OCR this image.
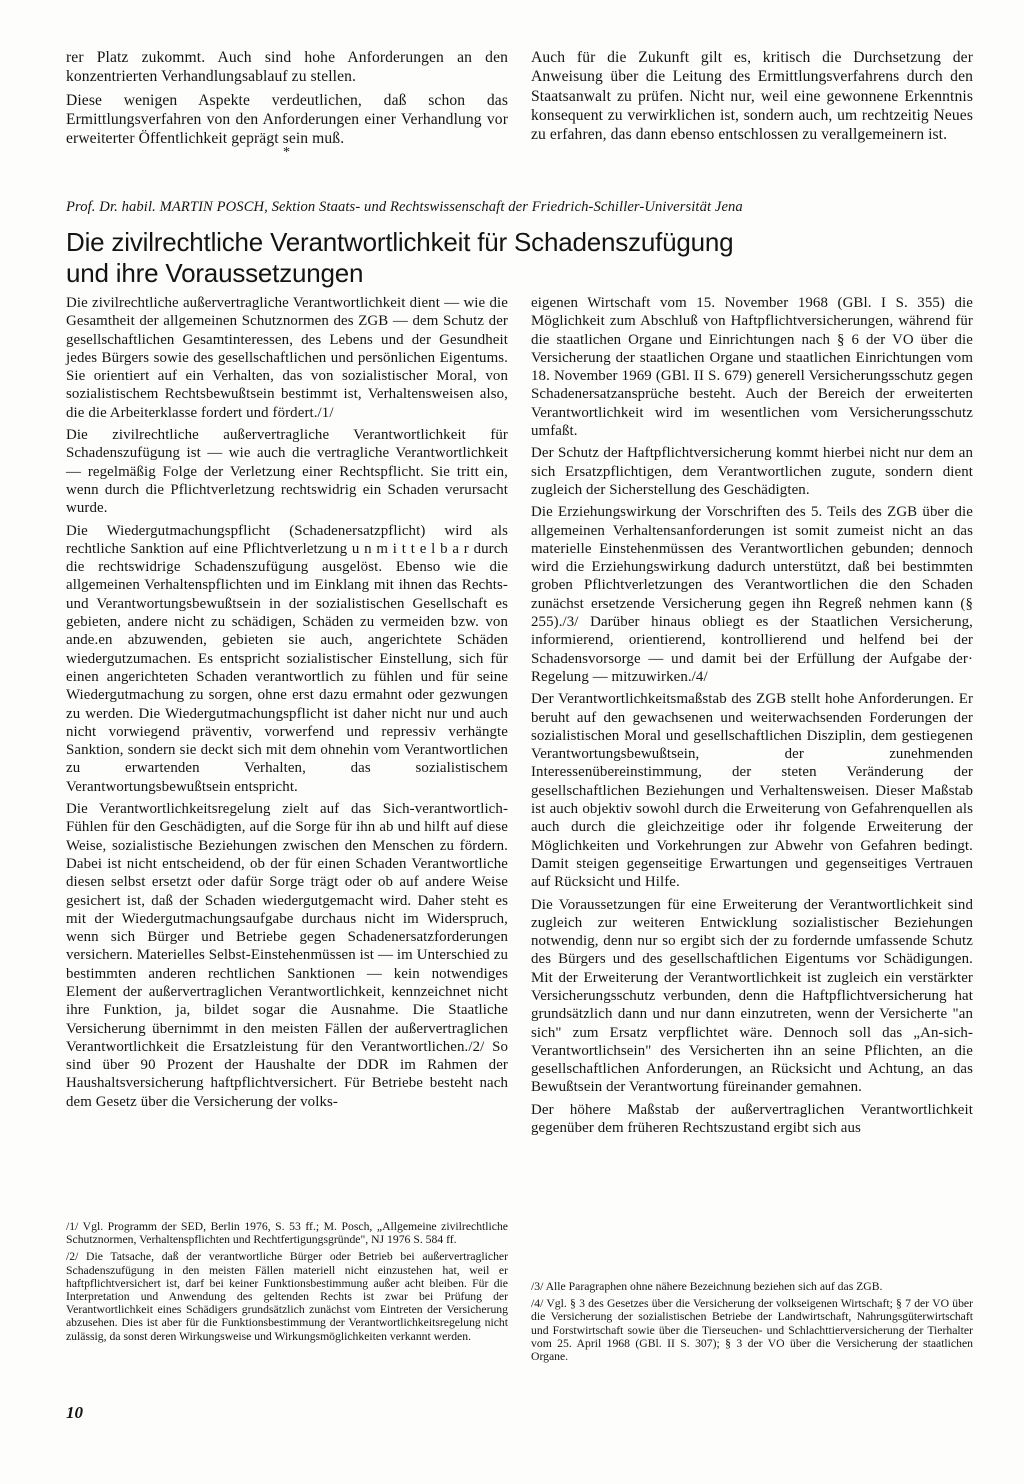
rer Platz zukommt. Auch sind hohe Anforderungen an den konzentrierten Verhandlungsablauf zu stellen.

Diese wenigen Aspekte verdeutlichen, daß schon das Ermittlungsverfahren von den Anforderungen einer Verhandlung vor erweiterter Öffentlichkeit geprägt sein muß.

*

Auch für die Zukunft gilt es, kritisch die Durchsetzung der Anweisung über die Leitung des Ermittlungsverfahrens durch den Staatsanwalt zu prüfen. Nicht nur, weil eine gewonnene Erkenntnis konsequent zu verwirklichen ist, sondern auch, um rechtzeitig Neues zu erfahren, das dann ebenso entschlossen zu verallgemeinern ist.

Prof. Dr. habil. MARTIN POSCH, Sektion Staats- und Rechtswissenschaft der Friedrich-Schiller-Universität Jena
Die zivilrechtliche Verantwortlichkeit für Schadenszufügung
und ihre Voraussetzungen

Die zivilrechtliche außervertragliche Verantwortlichkeit dient — wie die Gesamtheit der allgemeinen Schutznormen des ZGB — dem Schutz der gesellschaftlichen Gesamtinteressen, des Lebens und der Gesundheit jedes Bürgers sowie des gesellschaftlichen und persönlichen Eigentums. Sie orientiert auf ein Verhalten, das von sozialistischer Moral, von sozialistischem Rechtsbewußtsein bestimmt ist, Verhaltensweisen also, die die Arbeiterklasse fordert und fördert./1/

Die zivilrechtliche außervertragliche Verantwortlichkeit für Schadenszufügung ist — wie auch die vertragliche Verantwortlichkeit — regelmäßig Folge der Verletzung einer Rechtspflicht. Sie tritt ein, wenn durch die Pflichtverletzung rechtswidrig ein Schaden verursacht wurde.

Die Wiedergutmachungspflicht (Schadenersatzpflicht) wird als rechtliche Sanktion auf eine Pflichtverletzung u n m i t t e l b a r durch die rechtswidrige Schadenszufügung ausgelöst. Ebenso wie die allgemeinen Verhaltenspflichten und im Einklang mit ihnen das Rechts- und Verantwortungsbewußtsein in der sozialistischen Gesellschaft es gebieten, andere nicht zu schädigen, Schäden zu vermeiden bzw. von ande.en abzuwenden, gebieten sie auch, angerichtete Schäden wiedergutzumachen. Es entspricht sozialistischer Einstellung, sich für einen angerichteten Schaden verantwortlich zu fühlen und für seine Wiedergutmachung zu sorgen, ohne erst dazu ermahnt oder gezwungen zu werden. Die Wiedergutmachungspflicht ist daher nicht nur und auch nicht vorwiegend präventiv, vorwerfend und repressiv verhängte Sanktion, sondern sie deckt sich mit dem ohnehin vom Verantwortlichen zu erwartenden Verhalten, das sozialistischem Verantwortungsbewußtsein entspricht.

Die Verantwortlichkeitsregelung zielt auf das Sich-verantwortlich-Fühlen für den Geschädigten, auf die Sorge für ihn ab und hilft auf diese Weise, sozialistische Beziehungen zwischen den Menschen zu fördern. Dabei ist nicht entscheidend, ob der für einen Schaden Verantwortliche diesen selbst ersetzt oder dafür Sorge trägt oder ob auf andere Weise gesichert ist, daß der Schaden wiedergutgemacht wird. Daher steht es mit der Wiedergutmachungsaufgabe durchaus nicht im Widerspruch, wenn sich Bürger und Betriebe gegen Schadenersatzforderungen versichern. Materielles Selbst-Einstehenmüssen ist — im Unterschied zu bestimmten anderen rechtlichen Sanktionen — kein notwendiges Element der außervertraglichen Verantwortlichkeit, kennzeichnet nicht ihre Funktion, ja, bildet sogar die Ausnahme. Die Staatliche Versicherung übernimmt in den meisten Fällen der außervertraglichen Verantwortlichkeit die Ersatzleistung für den Verantwortlichen./2/ So sind über 90 Prozent der Haushalte der DDR im Rahmen der Haushaltsversicherung haftpflichtversichert. Für Betriebe besteht nach dem Gesetz über die Versicherung der volks-

eigenen Wirtschaft vom 15. November 1968 (GBl. I S. 355) die Möglichkeit zum Abschluß von Haftpflichtversicherungen, während für die staatlichen Organe und Einrichtungen nach § 6 der VO über die Versicherung der staatlichen Organe und staatlichen Einrichtungen vom 18. November 1969 (GBl. II S. 679) generell Versicherungsschutz gegen Schadenersatzansprüche besteht. Auch der Bereich der erweiterten Verantwortlichkeit wird im wesentlichen vom Versicherungsschutz umfaßt.

Der Schutz der Haftpflichtversicherung kommt hierbei nicht nur dem an sich Ersatzpflichtigen, dem Verantwortlichen zugute, sondern dient zugleich der Sicherstellung des Geschädigten.

Die Erziehungswirkung der Vorschriften des 5. Teils des ZGB über die allgemeinen Verhaltensanforderungen ist somit zumeist nicht an das materielle Einstehenmüssen des Verantwortlichen gebunden; dennoch wird die Erziehungswirkung dadurch unterstützt, daß bei bestimmten groben Pflichtverletzungen des Verantwortlichen die den Schaden zunächst ersetzende Versicherung gegen ihn Regreß nehmen kann (§ 255)./3/ Darüber hinaus obliegt es der Staatlichen Versicherung, informierend, orientierend, kontrollierend und helfend bei der Schadensvorsorge — und damit bei der Erfüllung der Aufgabe der· Regelung — mitzuwirken./4/

Der Verantwortlichkeitsmaßstab des ZGB stellt hohe Anforderungen. Er beruht auf den gewachsenen und weiterwachsenden Forderungen der sozialistischen Moral und gesellschaftlichen Disziplin, dem gestiegenen Verantwortungsbewußtsein, der zunehmenden Interessenübereinstimmung, der steten Veränderung der gesellschaftlichen Beziehungen und Verhaltensweisen. Dieser Maßstab ist auch objektiv sowohl durch die Erweiterung von Gefahrenquellen als auch durch die gleichzeitige oder ihr folgende Erweiterung der Möglichkeiten und Vorkehrungen zur Abwehr von Gefahren bedingt. Damit steigen gegenseitige Erwartungen und gegenseitiges Vertrauen auf Rücksicht und Hilfe.

Die Voraussetzungen für eine Erweiterung der Verantwortlichkeit sind zugleich zur weiteren Entwicklung sozialistischer Beziehungen notwendig, denn nur so ergibt sich der zu fordernde umfassende Schutz des Bürgers und des gesellschaftlichen Eigentums vor Schädigungen. Mit der Erweiterung der Verantwortlichkeit ist zugleich ein verstärkter Versicherungsschutz verbunden, denn die Haftpflichtversicherung hat grundsätzlich dann und nur dann einzutreten, wenn der Versicherte "an sich" zum Ersatz verpflichtet wäre. Dennoch soll das „An-sich-Verantwortlichsein" des Versicherten ihn an seine Pflichten, an die gesellschaftlichen Anforderungen, an Rücksicht und Achtung, an das Bewußtsein der Verantwortung füreinander gemahnen.

Der höhere Maßstab der außervertraglichen Verantwortlichkeit gegenüber dem früheren Rechtszustand ergibt sich aus

/1/ Vgl. Programm der SED, Berlin 1976, S. 53 ff.; M. Posch, „Allgemeine zivilrechtliche Schutznormen, Verhaltenspflichten und Rechtfertigungsgründe", NJ 1976 S. 584 ff.

/2/ Die Tatsache, daß der verantwortliche Bürger oder Betrieb bei außervertraglicher Schadenszufügung in den meisten Fällen materiell nicht einzustehen hat, weil er haftpflichtversichert ist, darf bei keiner Funktionsbestimmung außer acht bleiben. Für die Interpretation und Anwendung des geltenden Rechts ist zwar bei Prüfung der Verantwortlichkeit eines Schädigers grundsätzlich zunächst vom Eintreten der Versicherung abzusehen. Dies ist aber für die Funktionsbestimmung der Verantwortlichkeitsregelung nicht zulässig, da sonst deren Wirkungsweise und Wirkungsmöglichkeiten verkannt werden.

/3/ Alle Paragraphen ohne nähere Bezeichnung beziehen sich auf das ZGB.

/4/ Vgl. § 3 des Gesetzes über die Versicherung der volkseigenen Wirtschaft; § 7 der VO über die Versicherung der sozialistischen Betriebe der Landwirtschaft, Nahrungsgüterwirtschaft und Forstwirtschaft sowie über die Tierseuchen- und Schlachttierversicherung der Tierhalter vom 25. April 1968 (GBl. II S. 307); § 3 der VO über die Versicherung der staatlichen Organe.

10
